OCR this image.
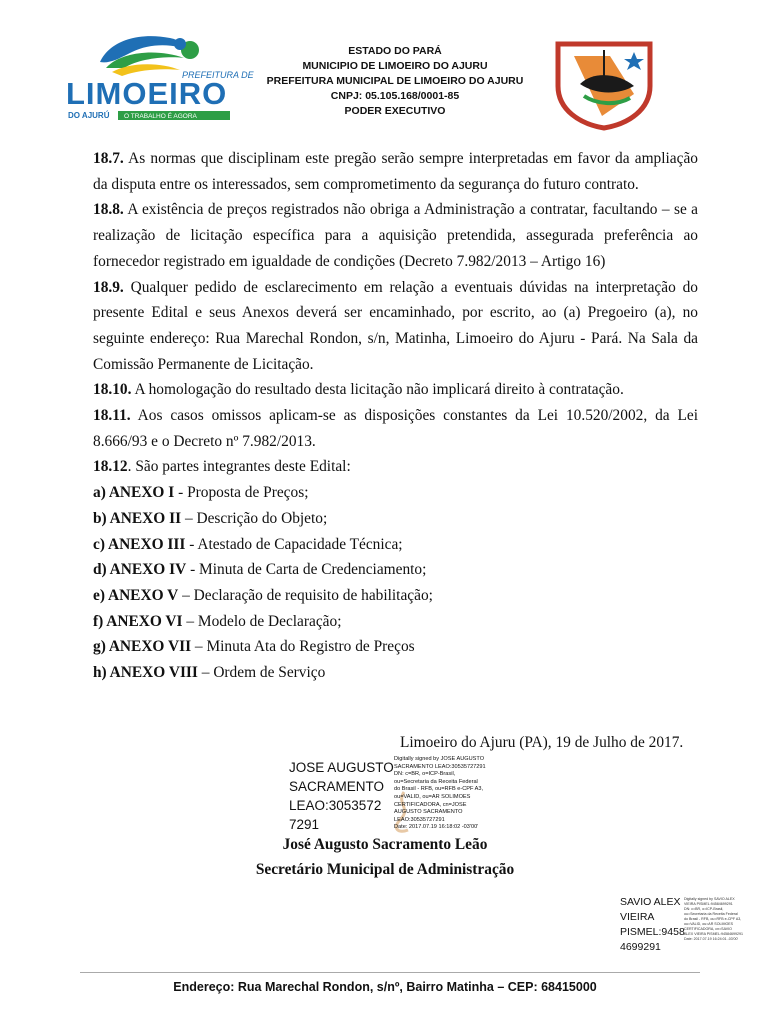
PREFEITURA DE
LIMOEIRO
DO AJURÚ O TRABALHO É AGORA
ESTADO DO PARÁ
MUNICIPIO DE LIMOEIRO DO AJURU
PREFEITURA MUNICIPAL DE LIMOEIRO DO AJURU
CNPJ: 05.105.168/0001-85
PODER EXECUTIVO

18.7. As normas que disciplinam este pregão serão sempre interpretadas em favor da ampliação da disputa entre os interessados, sem comprometimento da segurança do futuro contrato.

18.8. A existência de preços registrados não obriga a Administração a contratar, facultando – se a realização de licitação específica para a aquisição pretendida, assegurada preferência ao fornecedor registrado em igualdade de condições (Decreto 7.982/2013 – Artigo 16)

18.9. Qualquer pedido de esclarecimento em relação a eventuais dúvidas na interpretação do presente Edital e seus Anexos deverá ser encaminhado, por escrito, ao (a) Pregoeiro (a), no seguinte endereço: Rua Marechal Rondon, s/n, Matinha, Limoeiro do Ajuru - Pará. Na Sala da Comissão Permanente de Licitação.

18.10. A homologação do resultado desta licitação não implicará direito à contratação.

18.11. Aos casos omissos aplicam-se as disposições constantes da Lei 10.520/2002, da Lei 8.666/93 e o Decreto nº 7.982/2013.

18.12. São partes integrantes deste Edital:

a) ANEXO I - Proposta de Preços;

b) ANEXO II – Descrição do Objeto;

c) ANEXO III - Atestado de Capacidade Técnica;

d) ANEXO IV - Minuta de Carta de Credenciamento;

e) ANEXO V – Declaração de requisito de habilitação;

f) ANEXO VI – Modelo de Declaração;

g) ANEXO VII – Minuta Ata do Registro de Preços

h) ANEXO VIII – Ordem de Serviço

Limoeiro do Ajuru (PA), 19 de Julho de 2017.
JOSE AUGUSTO
SACRAMENTO
LEAO:3053572
7291
Digitally signed by JOSE AUGUSTO
SACRAMENTO LEAO:30535727291
DN: c=BR, o=ICP-Brasil,
ou=Secretaria da Receita Federal
do Brasil - RFB, ou=RFB e-CPF A3,
ou=VALID, ou=AR SOLIMOES
CERTIFICADORA, cn=JOSE
AUGUSTO SACRAMENTO
LEAO:30535727291
Date: 2017.07.19 16:18:02 -03'00'
José Augusto Sacramento Leão
Secretário Municipal de Administração
SAVIO ALEX
VIEIRA
PISMEL:9458
4699291
Digitally signed by SAVIO ALEX
VIEIRA PISMEL:94584699291
DN: c=BR, o=ICP-Brasil,
ou=Secretaria da Receita Federal
do Brasil - RFB, ou=RFB e-CPF A3,
ou=VALID, ou=AR SOLIMOES
CERTIFICADORA, cn=SAVIO
ALEX VIEIRA PISMEL:94584699291
Date: 2017.07.19 16:24:01 -03'00'
Endereço: Rua Marechal Rondon, s/nº, Bairro Matinha – CEP: 68415000
